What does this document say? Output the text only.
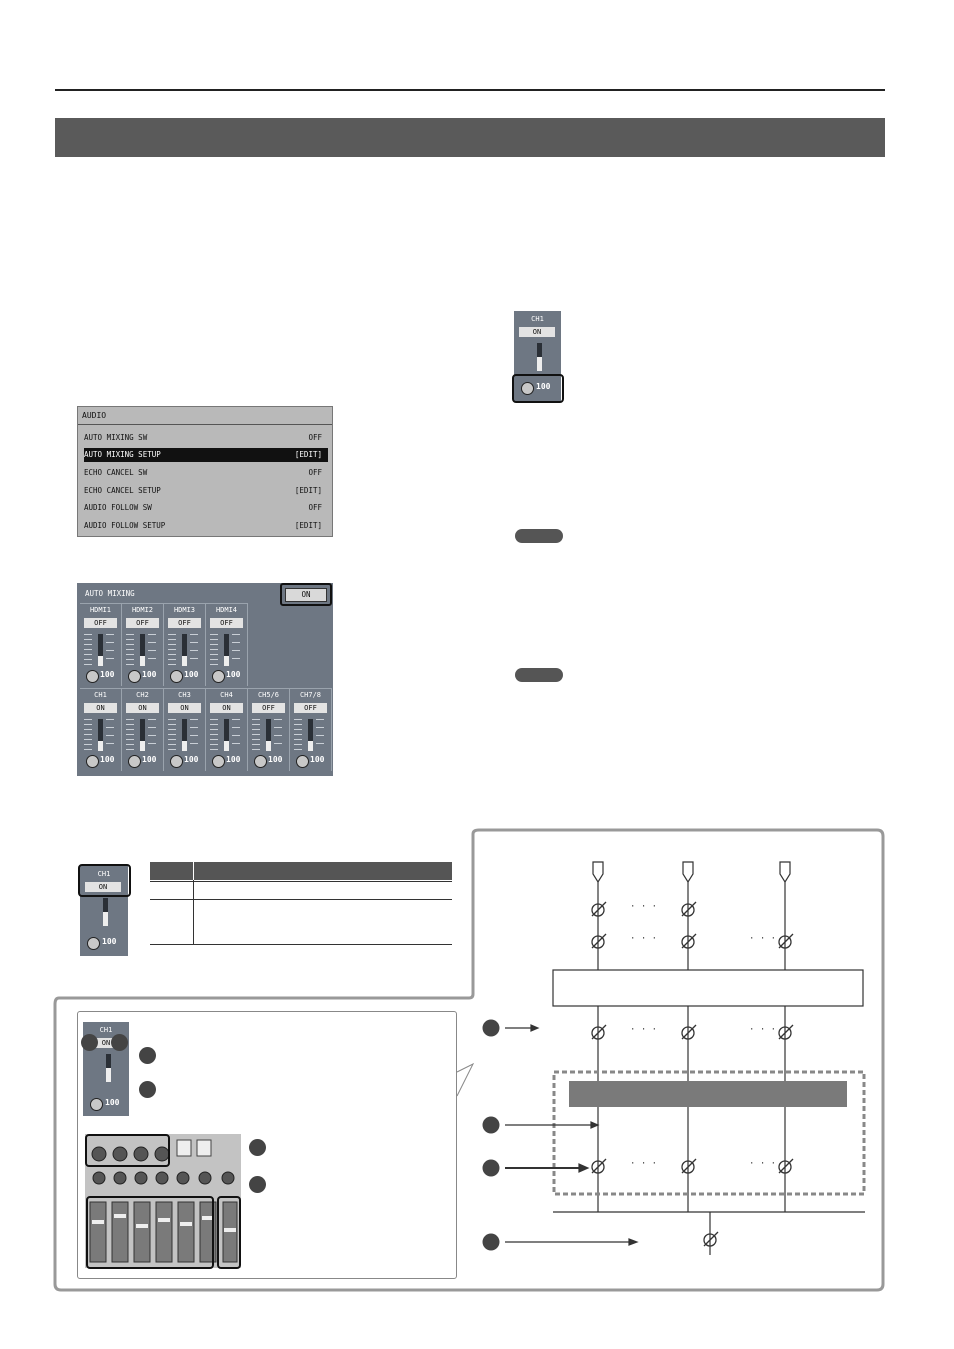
AUDIO
AUTO MIXING SW	OFF
AUTO MIXING SETUP	[EDIT]
ECHO CANCEL SW	OFF
ECHO CANCEL SETUP	[EDIT]
AUDIO FOLLOW SW	OFF
AUDIO FOLLOW SETUP	[EDIT]
AUTO MIXING	ON
HDMI1
OFF
100
HDMI2
OFF
100
HDMI3
OFF
100
HDMI4
OFF
100
CH1
ON
100
CH2
ON
100
CH3
ON
100
CH4
ON
100
CH5/6
OFF
100
CH7/8
OFF
100
CH1
ON
100
CH1
ON
100
· · ·
· · ·	· · ·
· · ·	· · ·
· · ·	· · ·
CH1
ON
100
